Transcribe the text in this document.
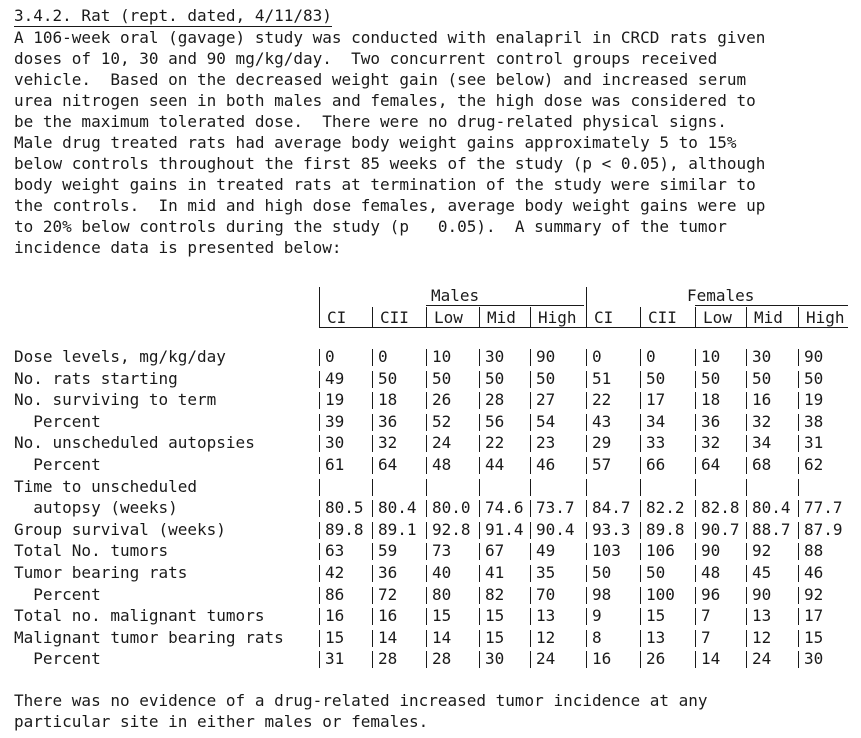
3.4.2. Rat (rept. dated, 4/11/83)
A 106-week oral (gavage) study was conducted with enalapril in CRCD rats given
doses of 10, 30 and 90 mg/kg/day.  Two concurrent control groups received
vehicle.  Based on the decreased weight gain (see below) and increased serum
urea nitrogen seen in both males and females, the high dose was considered to
be the maximum tolerated dose.  There were no drug-related physical signs.
Male drug treated rats had average body weight gains approximately 5 to 15%
below controls throughout the first 85 weeks of the study (p < 0.05), although
body weight gains in treated rats at termination of the study were similar to
the controls.  In mid and high dose females, average body weight gains were up
to 20% below controls during the study (p   0.05).  A summary of the tumor
incidence data is presented below:
Males	Females
CI CII Low Mid High CI CII Low Mid High
Dose levels, mg/kg/day	0	0	10 30 90 0	0	10 30 90
No. rats starting	49 50 50 50 50 51 50 50 50 50
No. surviving to term	19 18 26 28 27 22 17 18 16 19
Percent	39 36 52 56 54 43 34 36 32 38
No. unscheduled autopsies	30 32 24 22 23 29 33 32 34 31
Percent	61 64 48 44 46 57 66 64 68 62
Time to unscheduled
autopsy (weeks)	80.5 80.4 80.0 74.6 73.7 84.7 82.2 82.8 80.4 77.7
Group survival (weeks)	89.8 89.1 92.8 91.4 90.4 93.3 89.8 90.7 88.7 87.9
Total No. tumors	63 59 73 67 49 103 106 90 92 88
Tumor bearing rats	42 36 40 41 35 50 50 48 45 46
Percent	86 72 80 82 70 98 100 96 90 92
Total no. malignant tumors	16 16 15 15 13 9	15 7	13 17
Malignant tumor bearing rats	15 14 14 15 12 8	13 7	12 15
Percent	31 28 28 30 24 16 26 14 24 30
There was no evidence of a drug-related increased tumor incidence at any
particular site in either males or females.
